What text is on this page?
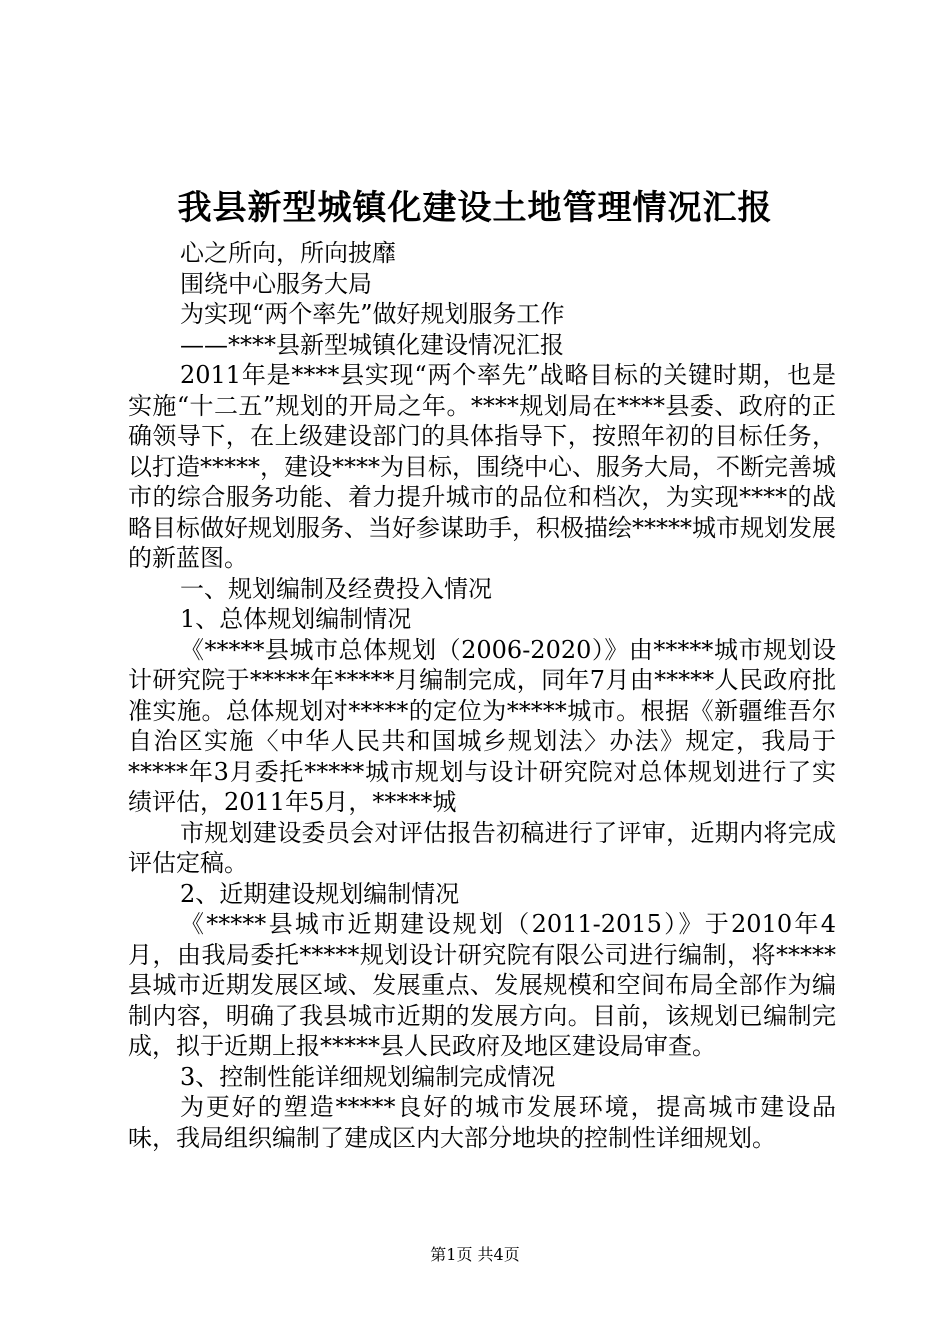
我县新型城镇化建设土地管理情况汇报

心之所向，所向披靡

围绕中心服务大局

为实现“两个率先”做好规划服务工作

——****县新型城镇化建设情况汇报

2011年是****县实现“两个率先”战略目标的关键时期，也是实施“十二五”规划的开局之年。****规划局在****县委、政府的正确领导下，在上级建设部门的具体指导下，按照年初的目标任务，以打造*****，建设****为目标，围绕中心、服务大局，不断完善城市的综合服务功能、着力提升城市的品位和档次，为实现****的战略目标做好规划服务、当好参谋助手，积极描绘*****城市规划发展的新蓝图。

一、规划编制及经费投入情况

1、总体规划编制情况

《*****县城市总体规划（2006-2020）》由*****城市规划设计研究院于*****年*****月编制完成，同年7月由*****人民政府批准实施。总体规划对*****的定位为*****城市。根据《新疆维吾尔自治区实施〈中华人民共和国城乡规划法〉办法》规定，我局于*****年3月委托*****城市规划与设计研究院对总体规划进行了实绩评估，2011年5月，*****城

市规划建设委员会对评估报告初稿进行了评审，近期内将完成评估定稿。

2、近期建设规划编制情况

《*****县城市近期建设规划（2011-2015）》于2010年4月，由我局委托*****规划设计研究院有限公司进行编制，将*****县城市近期发展区域、发展重点、发展规模和空间布局全部作为编制内容，明确了我县城市近期的发展方向。目前，该规划已编制完成，拟于近期上报*****县人民政府及地区建设局审查。

3、控制性能详细规划编制完成情况

为更好的塑造*****良好的城市发展环境，提高城市建设品味，我局组织编制了建成区内大部分地块的控制性详细规划。

第1页 共4页
